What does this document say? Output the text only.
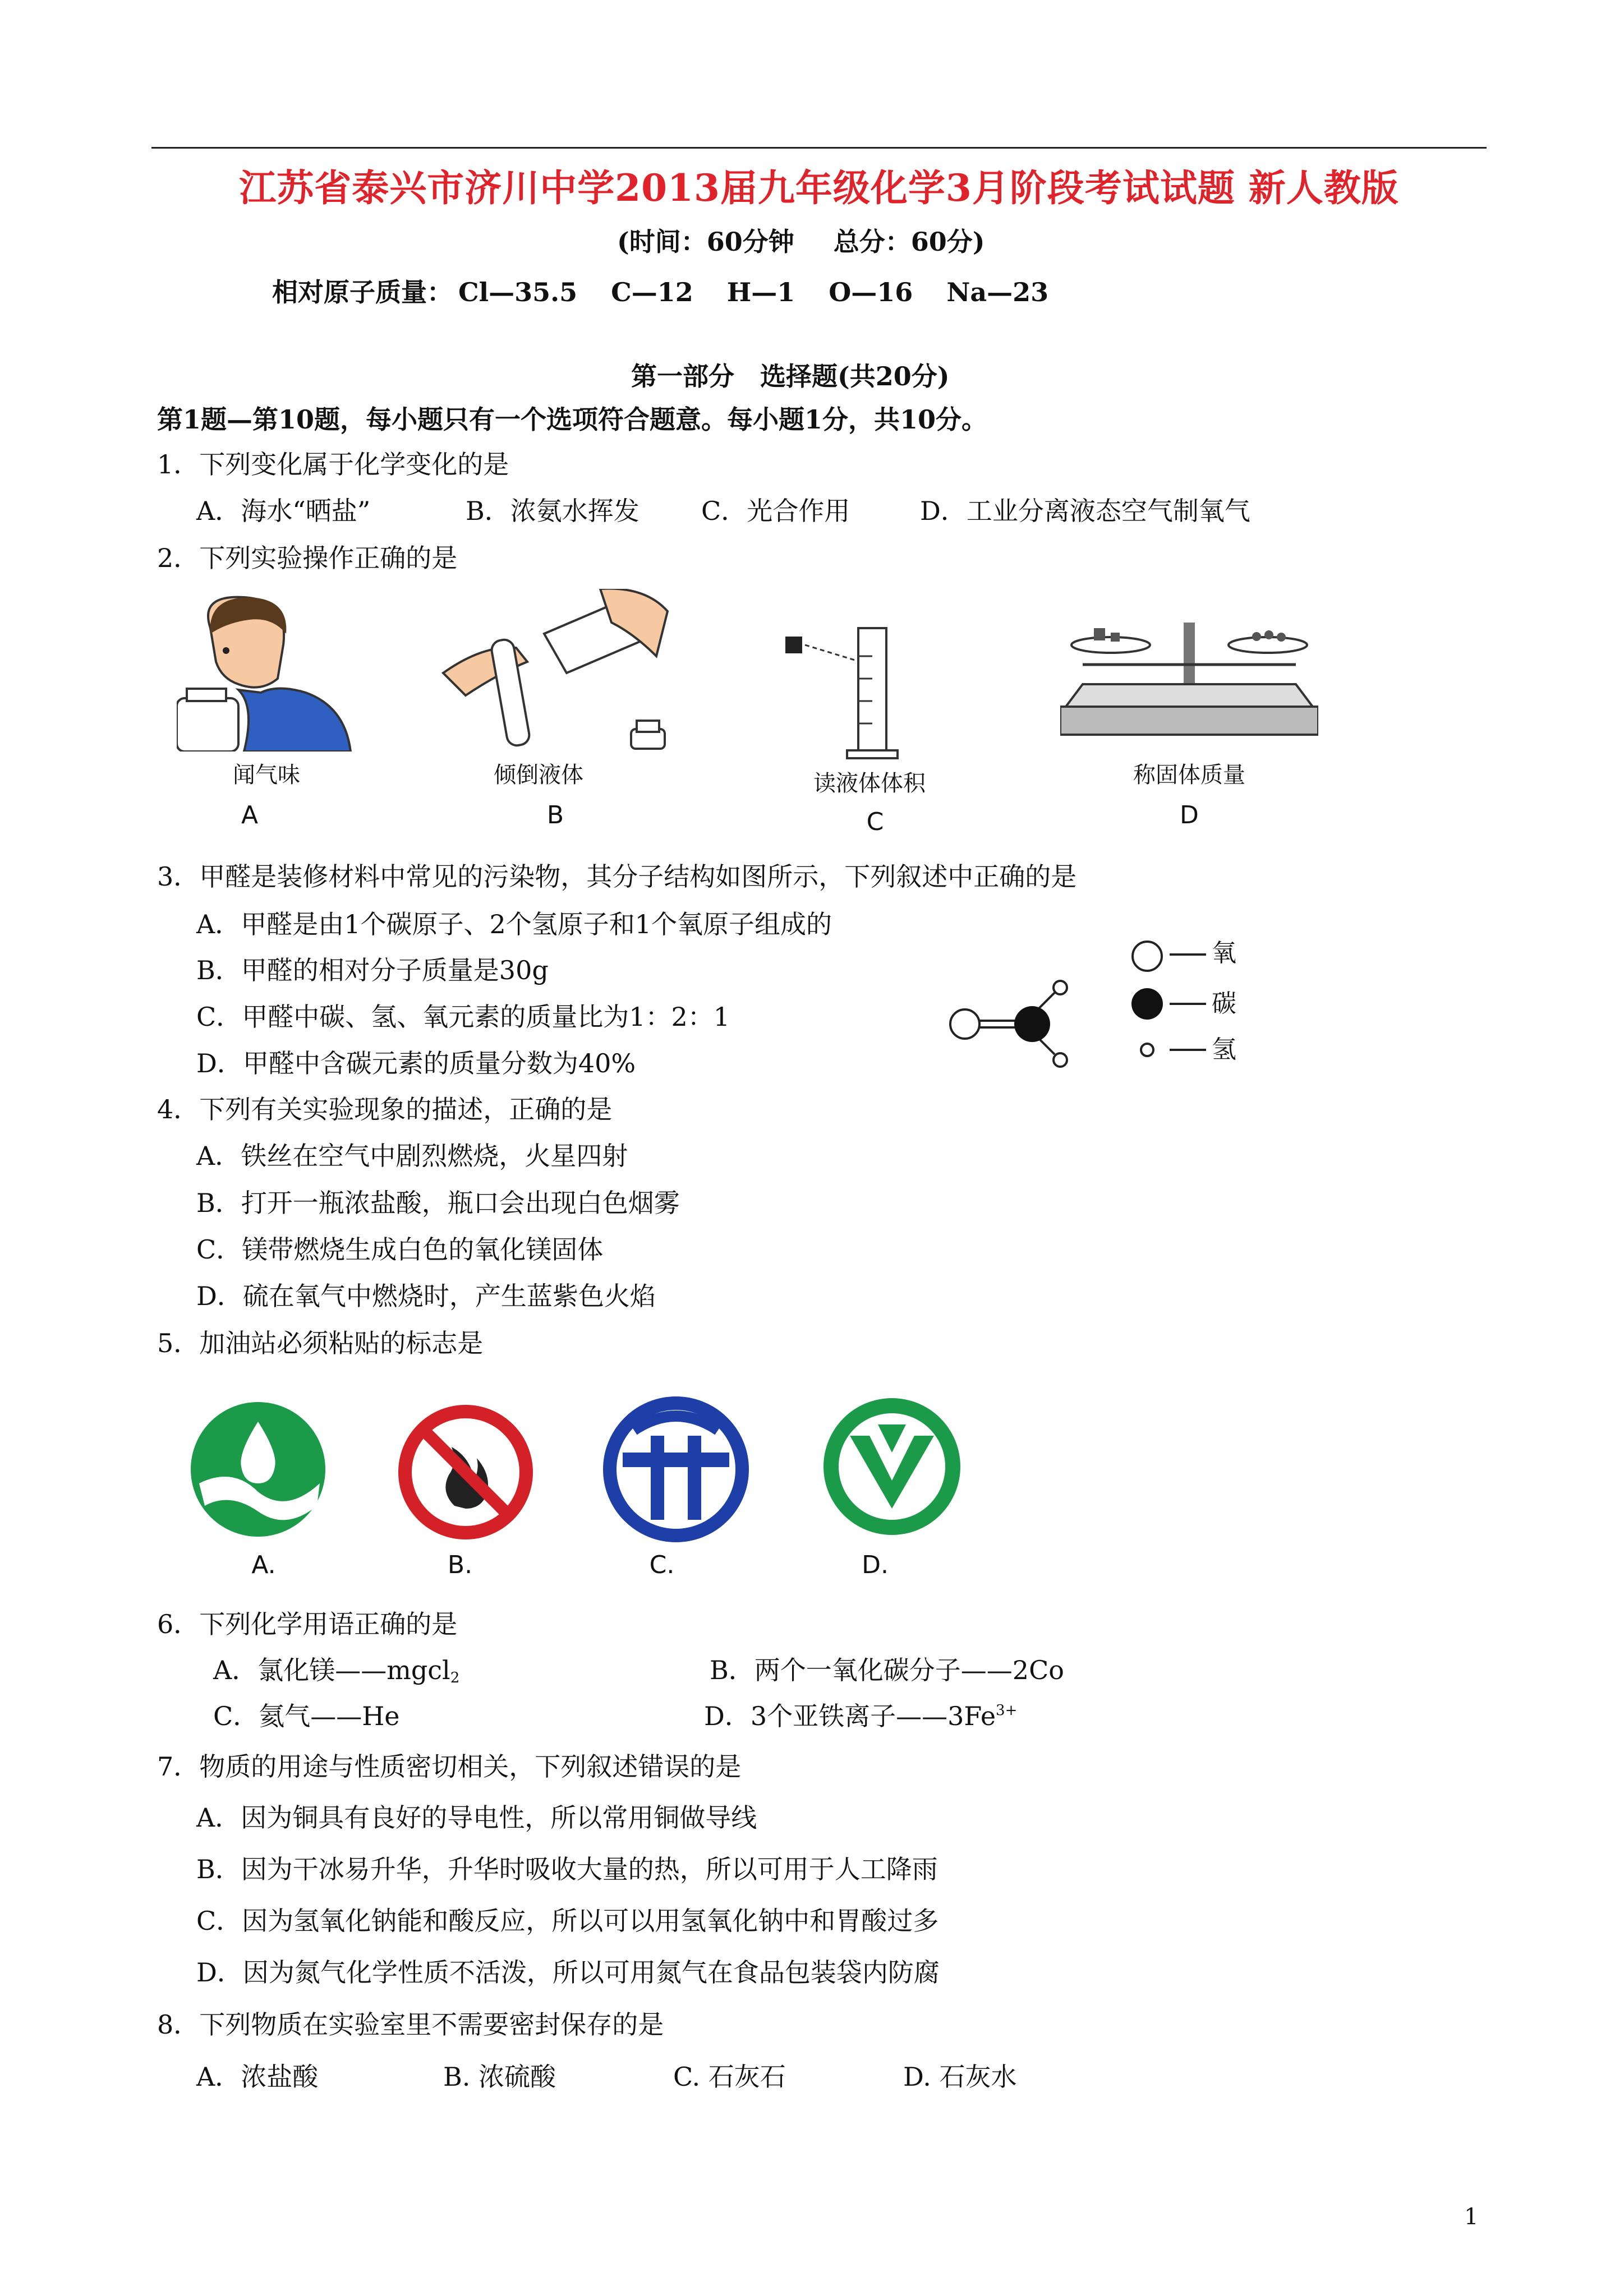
江苏省泰兴市济川中学2013届九年级化学3月阶段考试试题 新人教版
(时间：60分钟 总分：60分)
相对原子质量： Cl—35.5 C—12 H—1 O—16 Na—23
第一部分　选择题(共20分)
第1题—第10题，每小题只有一个选项符合题意。每小题1分，共10分。
1．下列变化属于化学变化的是
A．海水“晒盐”	B．浓氨水挥发 C．光合作用	D．工业分离液态空气制氧气
2．下列实验操作正确的是
闻气味
A
倾倒液体
B
读液体体积
C
称固体质量
D
3．甲醛是装修材料中常见的污染物，其分子结构如图所示，下列叙述中正确的是
A．甲醛是由1个碳原子、2个氢原子和1个氧原子组成的
B．甲醛的相对分子质量是30g
C．甲醛中碳、氢、氧元素的质量比为1：2：1
D．甲醛中含碳元素的质量分数为40%
氧
碳
氢
4．下列有关实验现象的描述，正确的是
A．铁丝在空气中剧烈燃烧，火星四射
B．打开一瓶浓盐酸，瓶口会出现白色烟雾
C．镁带燃烧生成白色的氧化镁固体
D．硫在氧气中燃烧时，产生蓝紫色火焰
5．加油站必须粘贴的标志是
A.	B.	C.	D.
6．下列化学用语正确的是
A．氯化镁——mgcl2	B．两个一氧化碳分子——2Co
C．氦气——He	D．3个亚铁离子$——3Fe^{3+}$
7．物质的用途与性质密切相关，下列叙述错误的是
A．因为铜具有良好的导电性，所以常用铜做导线
B．因为干冰易升华，升华时吸收大量的热，所以可用于人工降雨
C．因为氢氧化钠能和酸反应，所以可以用氢氧化钠中和胃酸过多
D．因为氮气化学性质不活泼，所以可用氮气在食品包装袋内防腐
8．下列物质在实验室里不需要密封保存的是
A．浓盐酸	B. 浓硫酸	C. 石灰石	D. 石灰水
1
